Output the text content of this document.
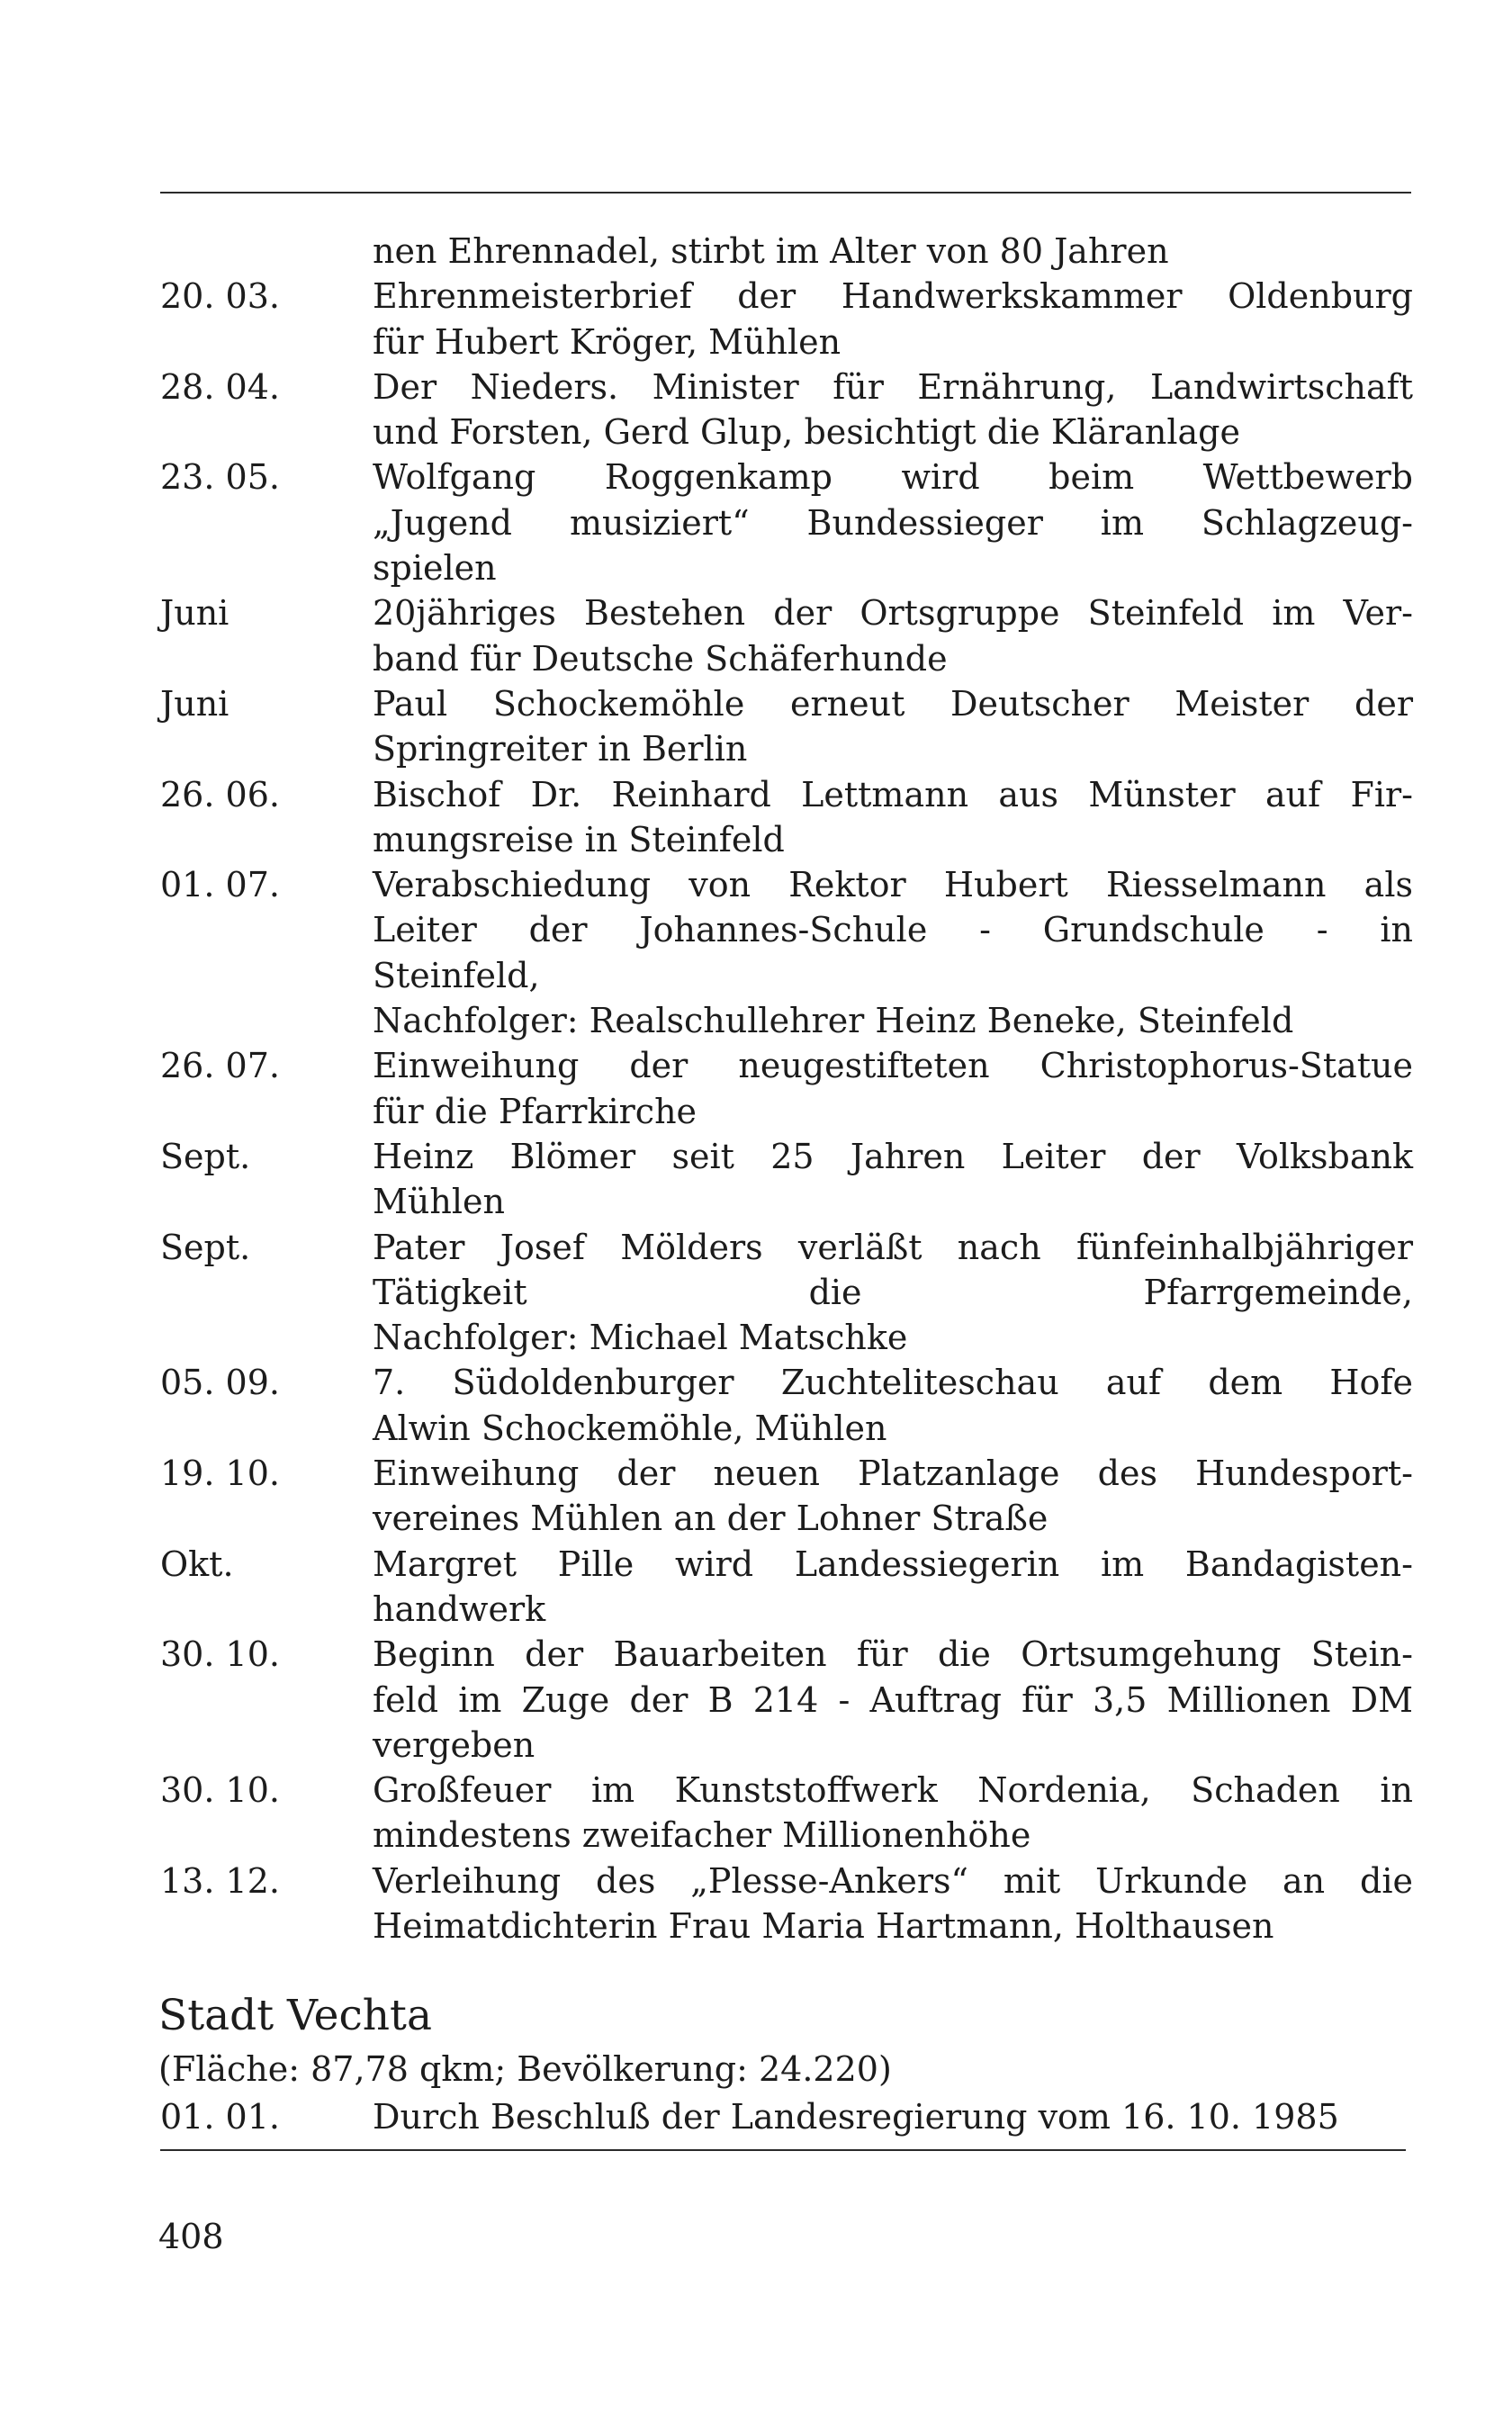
nen Ehrennadel, stirbt im Alter von 80 Jahren
20. 03.	Ehrenmeisterbrief der Handwerkskammer Oldenburg
für Hubert Kröger, Mühlen
28. 04.	Der Nieders. Minister für Ernährung, Landwirtschaft
und Forsten, Gerd Glup, besichtigt die Kläranlage
23. 05.	Wolfgang Roggenkamp wird beim Wettbewerb
„Jugend musiziert“ Bundessieger im Schlagzeug-
spielen
Juni	20jähriges Bestehen der Ortsgruppe Steinfeld im Ver-
band für Deutsche Schäferhunde
Juni	Paul Schockemöhle erneut Deutscher Meister der
Springreiter in Berlin
26. 06.	Bischof Dr. Reinhard Lettmann aus Münster auf Fir-
mungsreise in Steinfeld
01. 07.	Verabschiedung von Rektor Hubert Riesselmann als
Leiter der Johannes-Schule - Grundschule - in
Steinfeld,
Nachfolger: Realschullehrer Heinz Beneke, Steinfeld
26. 07.	Einweihung der neugestifteten Christophorus-Statue
für die Pfarrkirche
Sept.	Heinz Blömer seit 25 Jahren Leiter der Volksbank
Mühlen
Sept.	Pater Josef Mölders verläßt nach fünfeinhalbjähriger
Tätigkeit die Pfarrgemeinde,
Nachfolger: Michael Matschke
05. 09.	7. Südoldenburger Zuchteliteschau auf dem Hofe
Alwin Schockemöhle, Mühlen
19. 10.	Einweihung der neuen Platzanlage des Hundesport-
vereines Mühlen an der Lohner Straße
Okt.	Margret Pille wird Landessiegerin im Bandagisten-
handwerk
30. 10.	Beginn der Bauarbeiten für die Ortsumgehung Stein-
feld im Zuge der B 214 - Auftrag für 3,5 Millionen DM
vergeben
30. 10.	Großfeuer im Kunststoffwerk Nordenia, Schaden in
mindestens zweifacher Millionenhöhe
13. 12.	Verleihung des „Plesse-Ankers“ mit Urkunde an die
Heimatdichterin Frau Maria Hartmann, Holthausen
Stadt Vechta
(Fläche: 87,78 qkm; Bevölkerung: 24.220)
01. 01.	Durch Beschluß der Landesregierung vom 16. 10. 1985
408
